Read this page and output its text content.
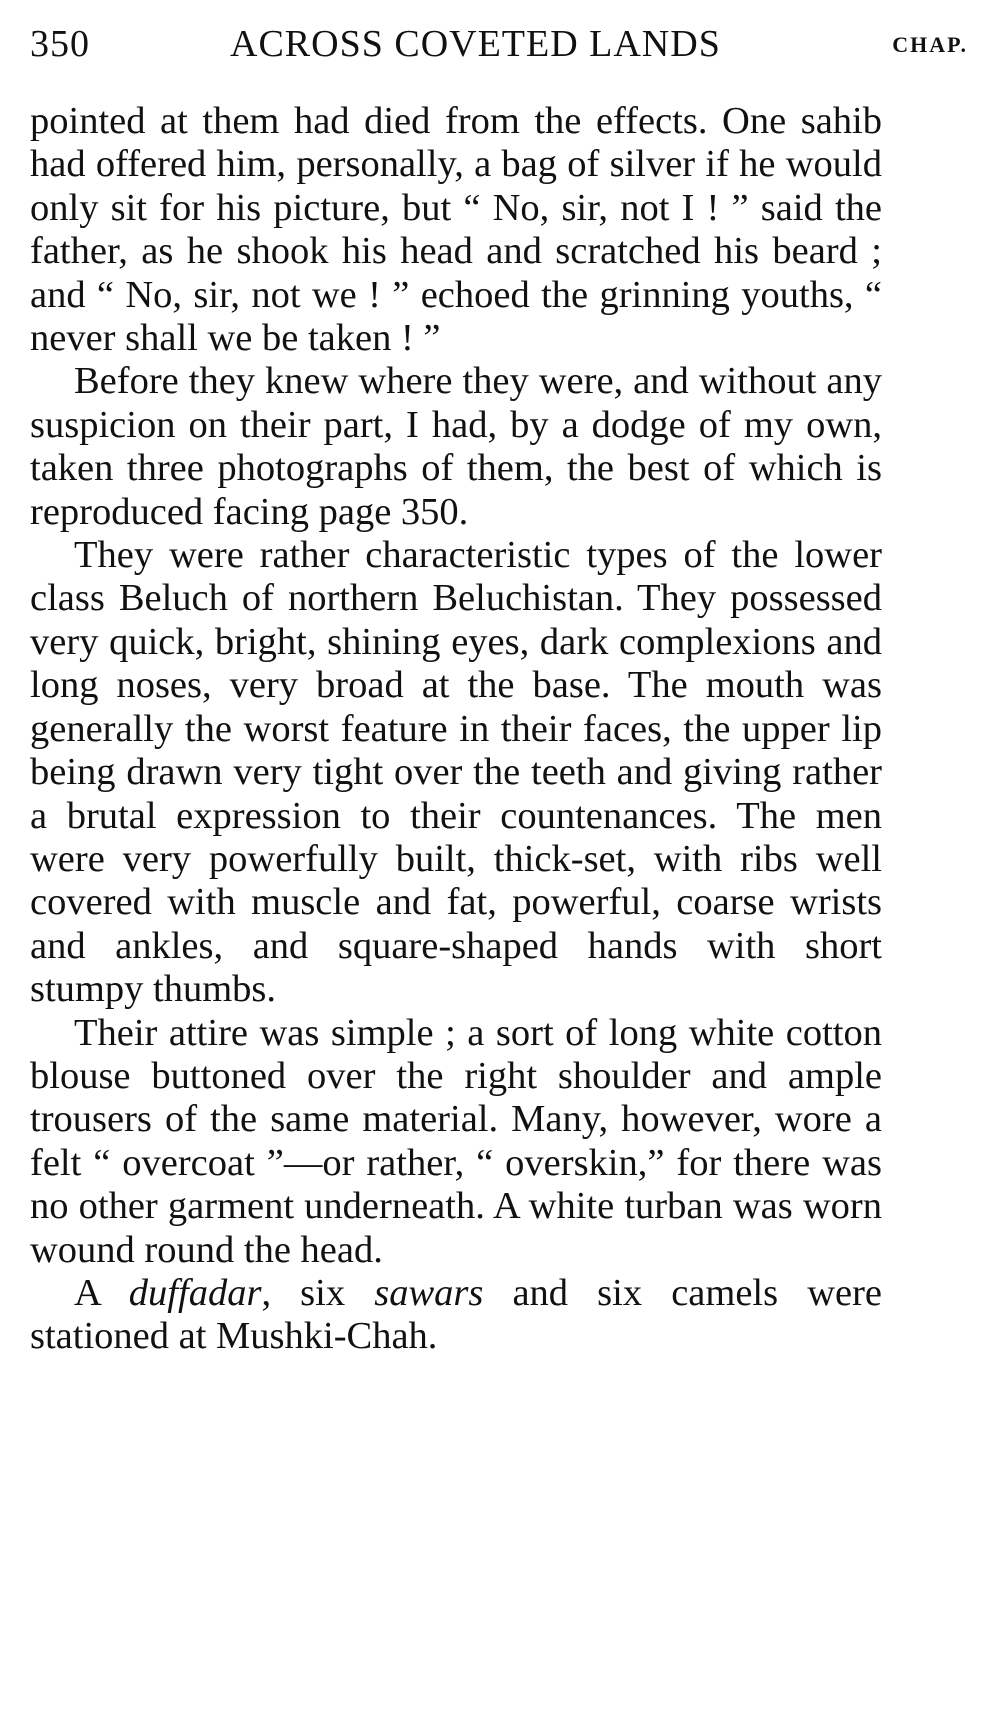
350	ACROSS COVETED LANDS	CHAP.

pointed at them had died from the effects. One sahib had offered him, personally, a bag of silver if he would only sit for his picture, but “ No, sir, not I ! ” said the father, as he shook his head and scratched his beard ; and “ No, sir, not we ! ” echoed the grinning youths, “ never shall we be taken ! ”

Before they knew where they were, and without any suspicion on their part, I had, by a dodge of my own, taken three photographs of them, the best of which is reproduced facing page 350.

They were rather characteristic types of the lower class Beluch of northern Beluchistan. They possessed very quick, bright, shining eyes, dark complexions and long noses, very broad at the base. The mouth was generally the worst feature in their faces, the upper lip being drawn very tight over the teeth and giving rather a brutal expression to their countenances. The men were very powerfully built, thick-set, with ribs well covered with muscle and fat, powerful, coarse wrists and ankles, and square-shaped hands with short stumpy thumbs.

Their attire was simple ; a sort of long white cotton blouse buttoned over the right shoulder and ample trousers of the same material. Many, however, wore a felt “ overcoat ”—or rather, “ overskin,” for there was no other garment underneath. A white turban was worn wound round the head.

A duffadar, six sawars and six camels were stationed at Mushki-Chah.
